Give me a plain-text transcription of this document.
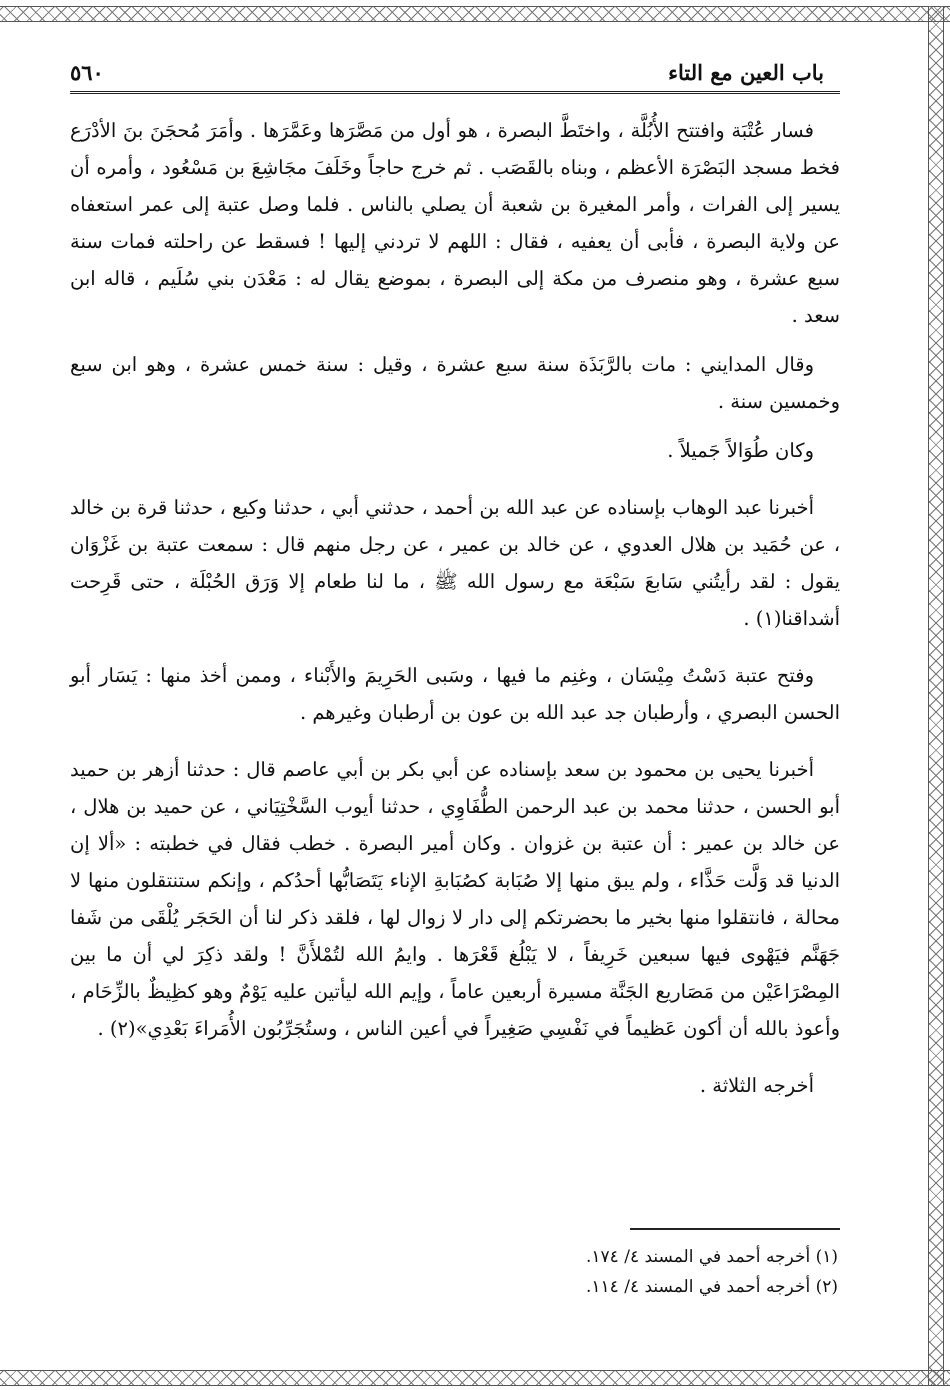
باب العين مع التاء
٥٦٠

فسار عُتْبَة وافتتح الأُبُلَّة ، واختَطَّ البصرة ، هو أول من مَصَّرَها وعَمَّرَها . وأمَرَ مُحجَنَ بنَ الأدْرَع فخط مسجد البَصْرَة الأعظم ، وبناه بالقَصَب . ثم خرج حاجاً وخَلَفَ مجَاشِعَ بن مَسْعُود ، وأمره أن يسير إلى الفرات ، وأمر المغيرة بن شعبة أن يصلي بالناس . فلما وصل عتبة إلى عمر استعفاه عن ولاية البصرة ، فأبى أن يعفيه ، فقال : اللهم لا تردني إليها ! فسقط عن راحلته فمات سنة سبع عشرة ، وهو منصرف من مكة إلى البصرة ، بموضع يقال له : مَعْدَن بني سُلَيم ، قاله ابن سعد .

وقال المدايني : مات بالرَّبَذَة سنة سبع عشرة ، وقيل : سنة خمس عشرة ، وهو ابن سبع وخمسين سنة .

وكان طُوَالاً جَميلاً .

أخبرنا عبد الوهاب بإسناده عن عبد الله بن أحمد ، حدثني أبي ، حدثنا وكيع ، حدثنا قرة بن خالد ، عن حُمَيد بن هلال العدوي ، عن خالد بن عمير ، عن رجل منهم قال : سمعت عتبة بن غَزْوَان يقول : لقد رأيتُني سَابعَ سَبْعَة مع رسول الله ﷺ ، ما لنا طعام إلا وَرَق الحُبْلَة ، حتى قَرِحت أشداقنا(١) .

وفتح عتبة دَسْتُ مِيْسَان ، وغنِم ما فيها ، وسَبى الحَرِيمَ والأَبْناء ، وممن أخذ منها : يَسَار أبو الحسن البصري ، وأرطبان جد عبد الله بن عون بن أرطبان وغيرهم .

أخبرنا يحيى بن محمود بن سعد بإسناده عن أبي بكر بن أبي عاصم قال : حدثنا أزهر بن حميد أبو الحسن ، حدثنا محمد بن عبد الرحمن الطُّفَاوِي ، حدثنا أيوب السَّخْتِيَاني ، عن حميد بن هلال ، عن خالد بن عمير : أن عتبة بن غزوان . وكان أمير البصرة . خطب فقال في خطبته : «ألا إن الدنيا قد وَلَّت حَذَّاء ، ولم يبق منها إلا صُبَابة كصُبَابةِ الإناء يَتَصَابُّها أحدُكم ، وإنكم ستنتقلون منها لا محالة ، فانتقلوا منها بخير ما بحضرتكم إلى دار لا زوال لها ، فلقد ذكر لنا أن الحَجَر يُلْقَى من شَفا جَهَنَّم فيَهْوى فيها سبعين خَرِيفاً ، لا يَبْلُغ قَعْرَها . وايمُ الله لتُمْلأَنَّ ! ولقد ذكِرَ لي أن ما بين المِصْرَاعَيْن من مَصَاريع الجَنَّة مسيرة أربعين عاماً ، وإيم الله ليأتين عليه يَوْمٌ وهو كظِيظٌ بالزِّحَام ، وأعوذ بالله أن أكون عَظيماً في نَفْسِي صَغِيراً في أعين الناس ، وستُجَرِّبُون الأُمَراءَ بَعْدِي»(٢) .

أخرجه الثلاثة .

(١) أخرجه أحمد في المسند ٤/ ١٧٤.
(٢) أخرجه أحمد في المسند ٤/ ١١٤.
